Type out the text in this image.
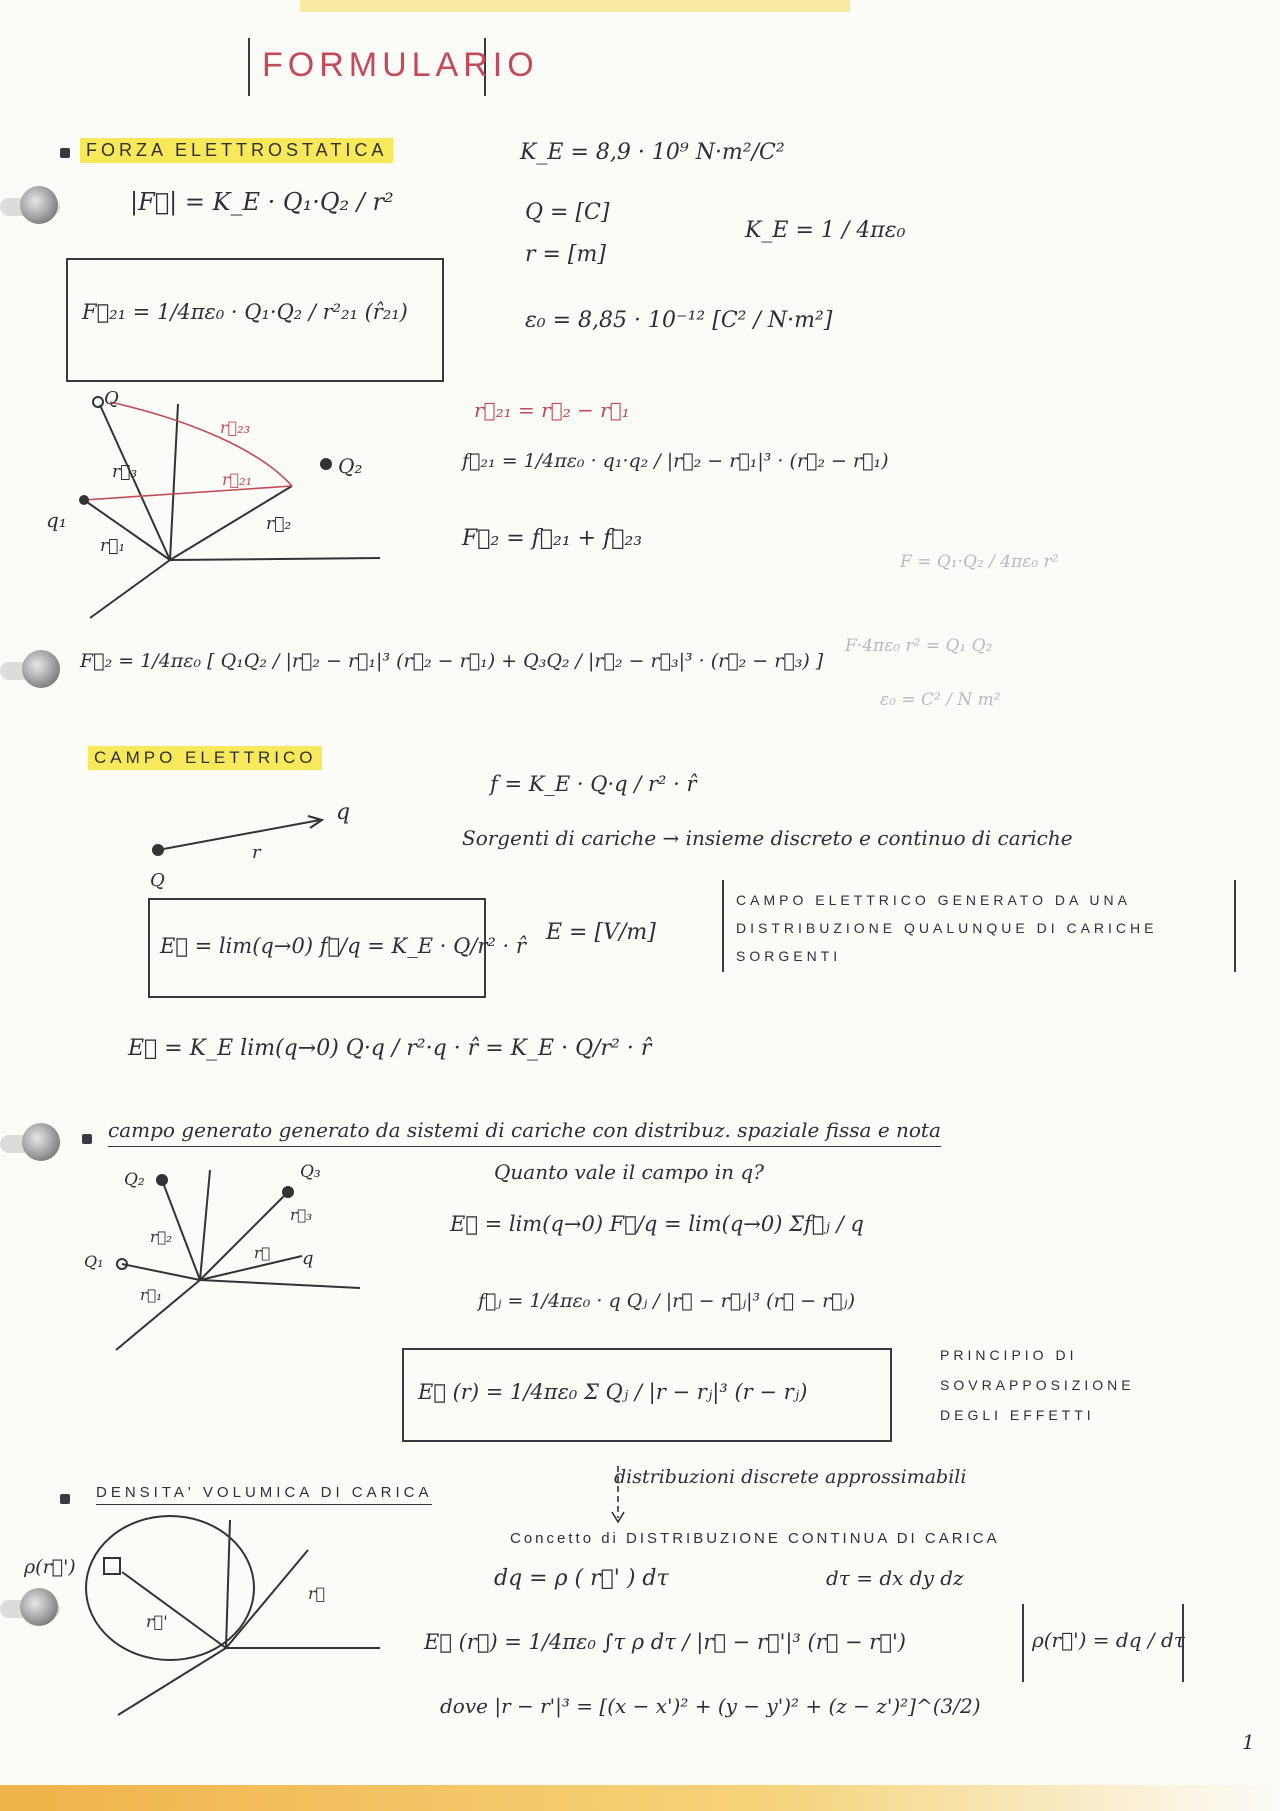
FORMULARIO
FORZA ELETTROSTATICA
|F⃗| = K_E · Q₁·Q₂ / r²
K_E = 8,9 · 10⁹ N·m²/C²
Q = [C]
r = [m]
K_E = 1 / 4πε₀
ε₀ = 8,85 · 10⁻¹² [C² / N·m²]
F⃗₂₁ = 1/4πε₀ · Q₁·Q₂ / r²₂₁ (r̂₂₁)
Q
q₁
Q₂
r⃗₁
r⃗₂
r⃗₃
r⃗₂₃
r⃗₂₁
r⃗₂₁ = r⃗₂ − r⃗₁
f⃗₂₁ = 1/4πε₀ · q₁·q₂ / |r⃗₂ − r⃗₁|³ · (r⃗₂ − r⃗₁)
F⃗₂ = f⃗₂₁ + f⃗₂₃
F = Q₁·Q₂ / 4πε₀ r²
F·4πε₀ r² = Q₁ Q₂
ε₀ = C² / N m²
F⃗₂ = 1/4πε₀ [ Q₁Q₂ / |r⃗₂ − r⃗₁|³ (r⃗₂ − r⃗₁) + Q₃Q₂ / |r⃗₂ − r⃗₃|³ · (r⃗₂ − r⃗₃) ]
CAMPO ELETTRICO
f = K_E · Q·q / r² · r̂
Sorgenti di cariche → insieme discreto e continuo di cariche
Q
r
q
E⃗ = lim(q→0) f⃗/q = K_E · Q/r² · r̂
E = [V/m]
CAMPO ELETTRICO GENERATO DA UNA DISTRIBUZIONE QUALUNQUE DI CARICHE SORGENTI
E⃗ = K_E lim(q→0) Q·q / r²·q · r̂ = K_E · Q/r² · r̂
campo generato generato da sistemi di cariche con distribuz. spaziale fissa e nota
Q₂	Q₃
Q₁
r⃗₂
r⃗₃
r⃗
r⃗₁
q
Quanto vale il campo in q?
E⃗ = lim(q→0) F⃗/q = lim(q→0) Σf⃗ⱼ / q
f⃗ⱼ = 1/4πε₀ · q Qⱼ / |r⃗ − r⃗ⱼ|³ (r⃗ − r⃗ⱼ)
E⃗ (r) = 1/4πε₀ Σ Qⱼ / |r − rⱼ|³ (r − rⱼ)
PRINCIPIO DI SOVRAPPOSIZIONE DEGLI EFFETTI
distribuzioni discrete approssimabili
DENSITA' VOLUMICA DI CARICA
ρ(r⃗')
r⃗'
r⃗
Concetto di DISTRIBUZIONE CONTINUA DI CARICA
dq = ρ ( r⃗' ) dτ	dτ = dx dy dz
E⃗ (r⃗) = 1/4πε₀ ∫τ ρ dτ / |r⃗ − r⃗'|³ (r⃗ − r⃗')	ρ(r⃗') = dq / dτ
dove |r − r'|³ = [(x − x')² + (y − y')² + (z − z')²]^(3/2)
1
